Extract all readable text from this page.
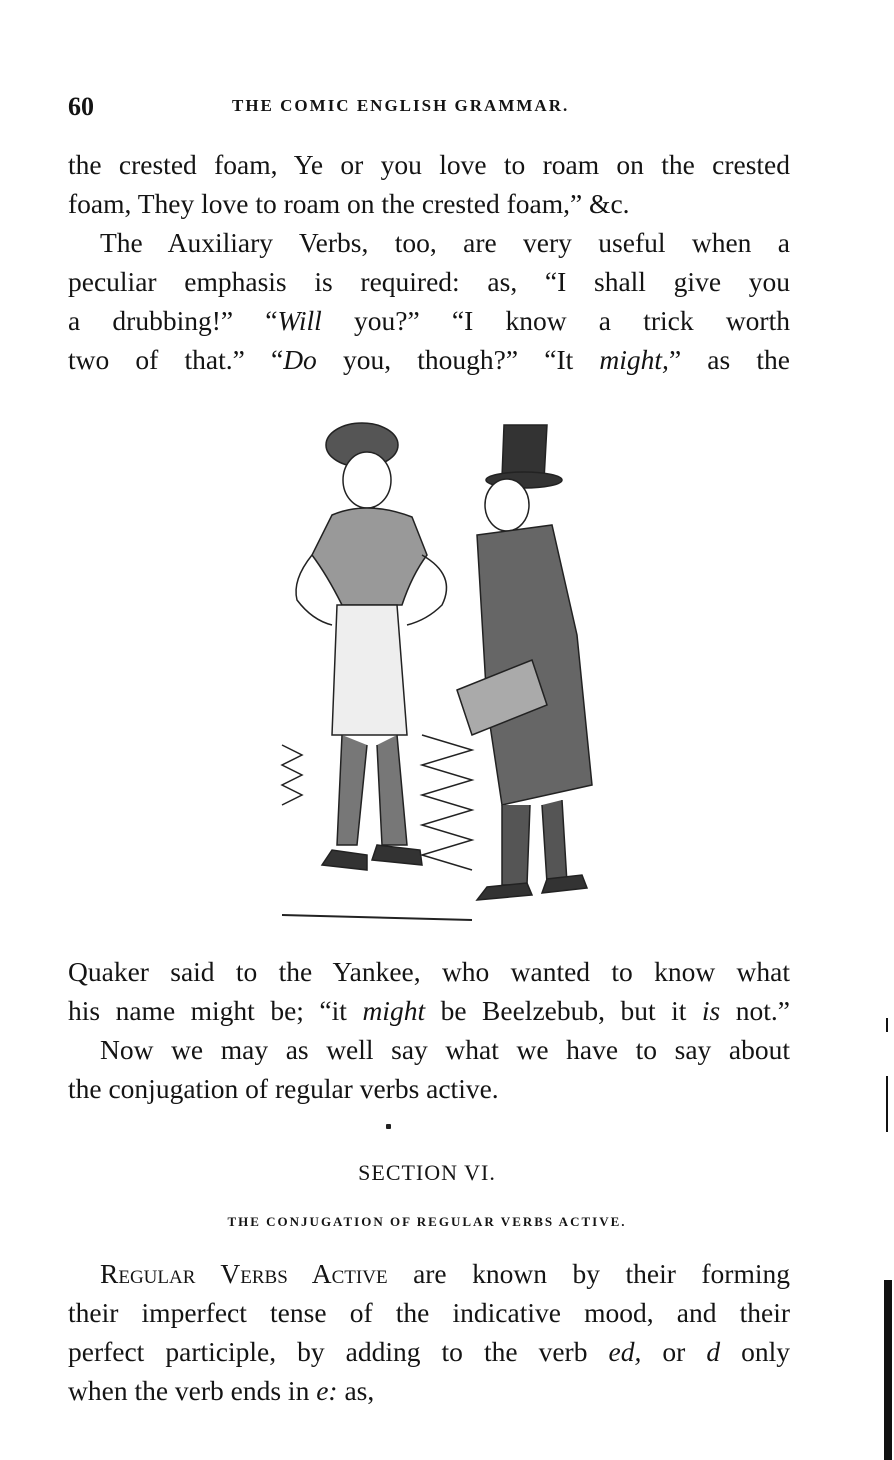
60	THE COMIC ENGLISH GRAMMAR.

the crested foam, Ye or you love to roam on the crested
foam, They love to roam on the crested foam,” &c.

The Auxiliary Verbs, too, are very useful when a
peculiar emphasis is required: as, “I shall give you
a drubbing!” “Will you?” “I know a trick worth
two of that.” “Do you, though?” “It might,” as the

Quaker said to the Yankee, who wanted to know what
his name might be; “it might be Beelzebub, but it is not.”

Now we may as well say what we have to say about
the conjugation of regular verbs active.

SECTION VI.
THE CONJUGATION OF REGULAR VERBS ACTIVE.

Regular Verbs Active are known by their forming
their imperfect tense of the indicative mood, and their
perfect participle, by adding to the verb ed, or d only
when the verb ends in e: as,
